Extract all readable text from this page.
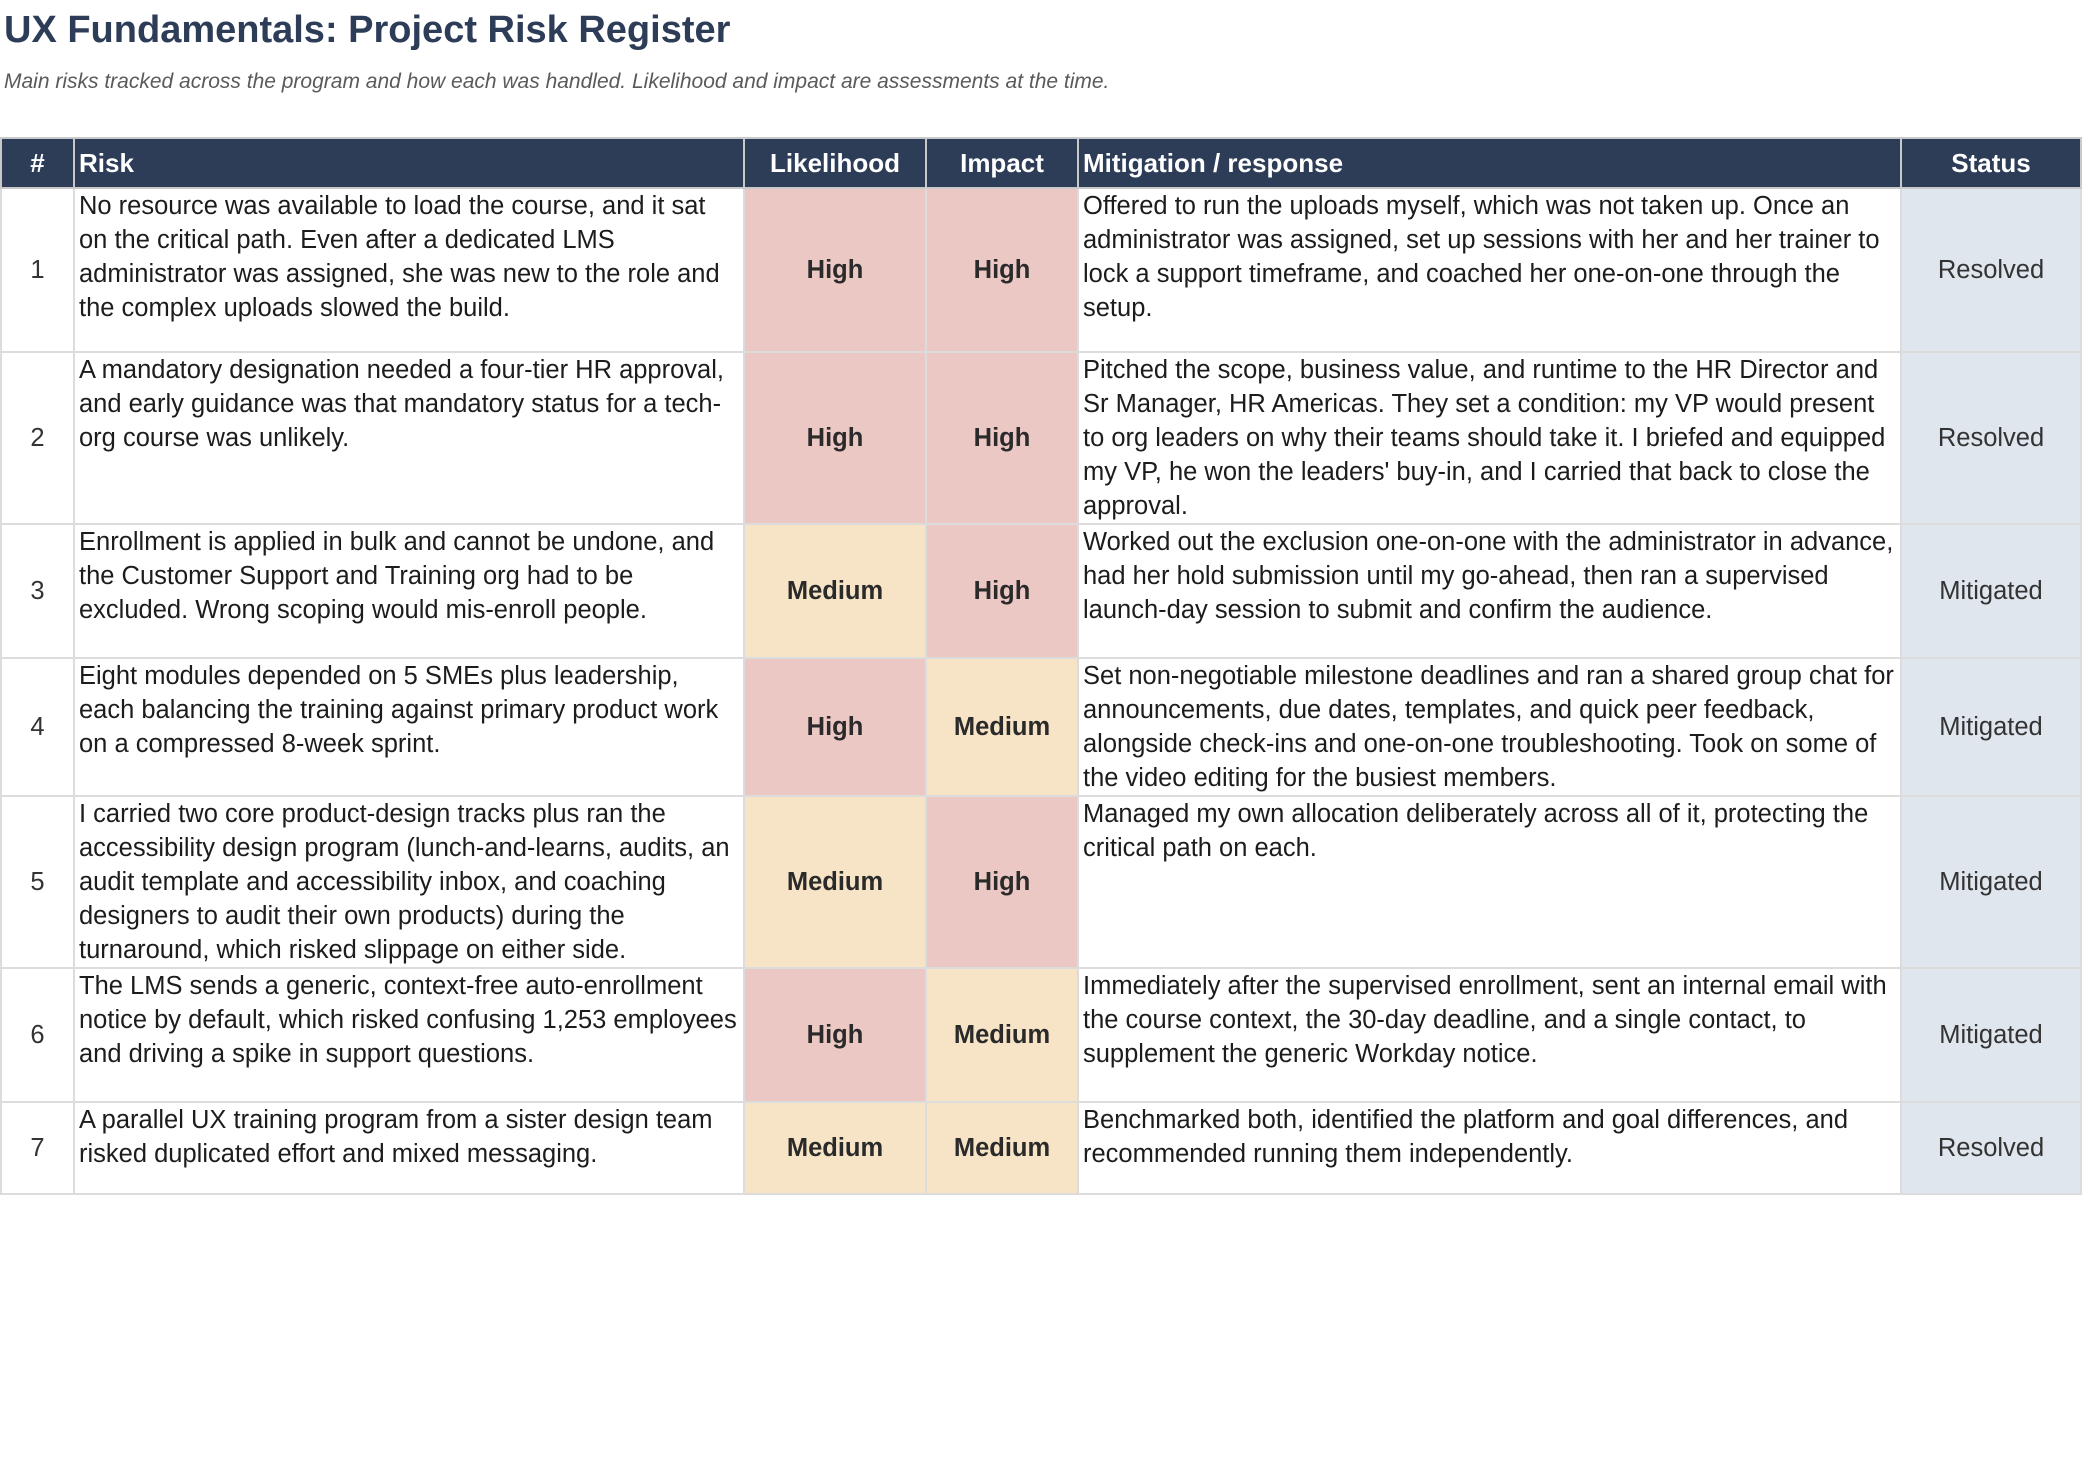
UX Fundamentals: Project Risk Register

Main risks tracked across the program and how each was handled. Likelihood and impact are assessments at the time.

#	Risk	Likelihood	Impact	Mitigation / response	Status
1	No resource was available to load the course, and it sat on the critical path. Even after a dedicated LMS administrator was assigned, she was new to the role and the complex uploads slowed the build.	High	High	Offered to run the uploads myself, which was not taken up. Once an administrator was assigned, set up sessions with her and her trainer to lock a support timeframe, and coached her one-on-one through the setup.	Resolved
2	A mandatory designation needed a four-tier HR approval, and early guidance was that mandatory status for a tech-org course was unlikely.	High	High	Pitched the scope, business value, and runtime to the HR Director and Sr Manager, HR Americas. They set a condition: my VP would present to org leaders on why their teams should take it. I briefed and equipped my VP, he won the leaders' buy-in, and I carried that back to close the approval.	Resolved
3	Enrollment is applied in bulk and cannot be undone, and the Customer Support and Training org had to be excluded. Wrong scoping would mis-enroll people.	Medium	High	Worked out the exclusion one-on-one with the administrator in advance, had her hold submission until my go-ahead, then ran a supervised launch-day session to submit and confirm the audience.	Mitigated
4	Eight modules depended on 5 SMEs plus leadership, each balancing the training against primary product work on a compressed 8-week sprint.	High	Medium	Set non-negotiable milestone deadlines and ran a shared group chat for announcements, due dates, templates, and quick peer feedback, alongside check-ins and one-on-one troubleshooting. Took on some of the video editing for the busiest members.	Mitigated
5	I carried two core product-design tracks plus ran the accessibility design program (lunch-and-learns, audits, an audit template and accessibility inbox, and coaching designers to audit their own products) during the turnaround, which risked slippage on either side.	Medium	High	Managed my own allocation deliberately across all of it, protecting the critical path on each.	Mitigated
6	The LMS sends a generic, context-free auto-enrollment notice by default, which risked confusing 1,253 employees and driving a spike in support questions.	High	Medium	Immediately after the supervised enrollment, sent an internal email with the course context, the 30-day deadline, and a single contact, to supplement the generic Workday notice.	Mitigated
7	A parallel UX training program from a sister design team risked duplicated effort and mixed messaging.	Medium	Medium	Benchmarked both, identified the platform and goal differences, and recommended running them independently.	Resolved
